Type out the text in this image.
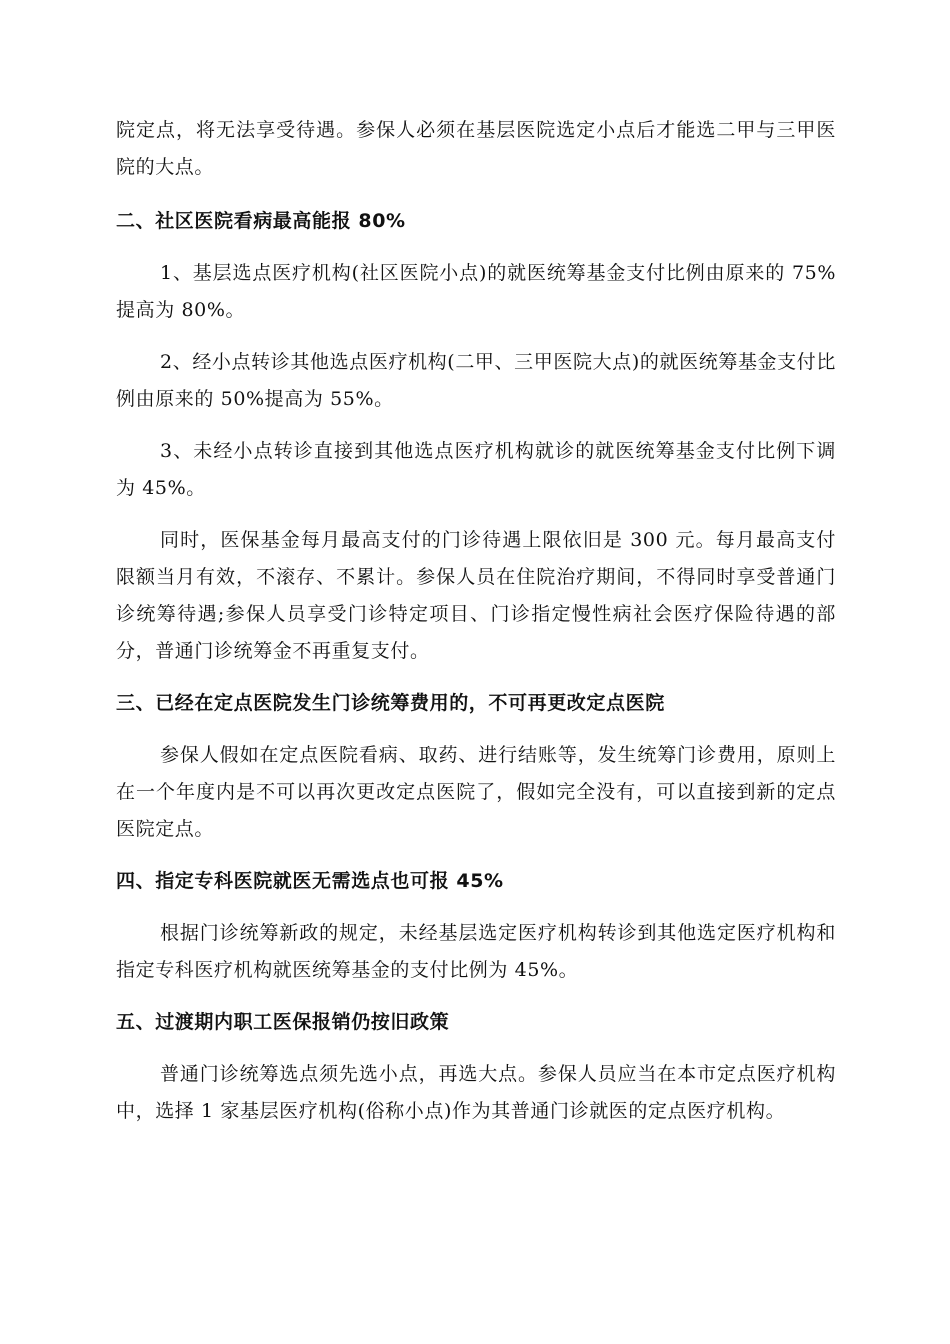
院定点，将无法享受待遇。参保人必须在基层医院选定小点后才能选二甲与三甲医院的大点。

二、社区医院看病最高能报 80%

1、基层选点医疗机构(社区医院小点)的就医统筹基金支付比例由原来的 75%提高为 80%。

2、经小点转诊其他选点医疗机构(二甲、三甲医院大点)的就医统筹基金支付比例由原来的 50%提高为 55%。

3、未经小点转诊直接到其他选点医疗机构就诊的就医统筹基金支付比例下调为 45%。

同时，医保基金每月最高支付的门诊待遇上限依旧是 300 元。每月最高支付限额当月有效，不滚存、不累计。参保人员在住院治疗期间，不得同时享受普通门诊统筹待遇;参保人员享受门诊特定项目、门诊指定慢性病社会医疗保险待遇的部分，普通门诊统筹金不再重复支付。

三、已经在定点医院发生门诊统筹费用的，不可再更改定点医院

参保人假如在定点医院看病、取药、进行结账等，发生统筹门诊费用，原则上在一个年度内是不可以再次更改定点医院了，假如完全没有，可以直接到新的定点医院定点。

四、指定专科医院就医无需选点也可报 45%

根据门诊统筹新政的规定，未经基层选定医疗机构转诊到其他选定医疗机构和指定专科医疗机构就医统筹基金的支付比例为 45%。

五、过渡期内职工医保报销仍按旧政策

普通门诊统筹选点须先选小点，再选大点。参保人员应当在本市定点医疗机构中，选择 1 家基层医疗机构(俗称小点)作为其普通门诊就医的定点医疗机构。
